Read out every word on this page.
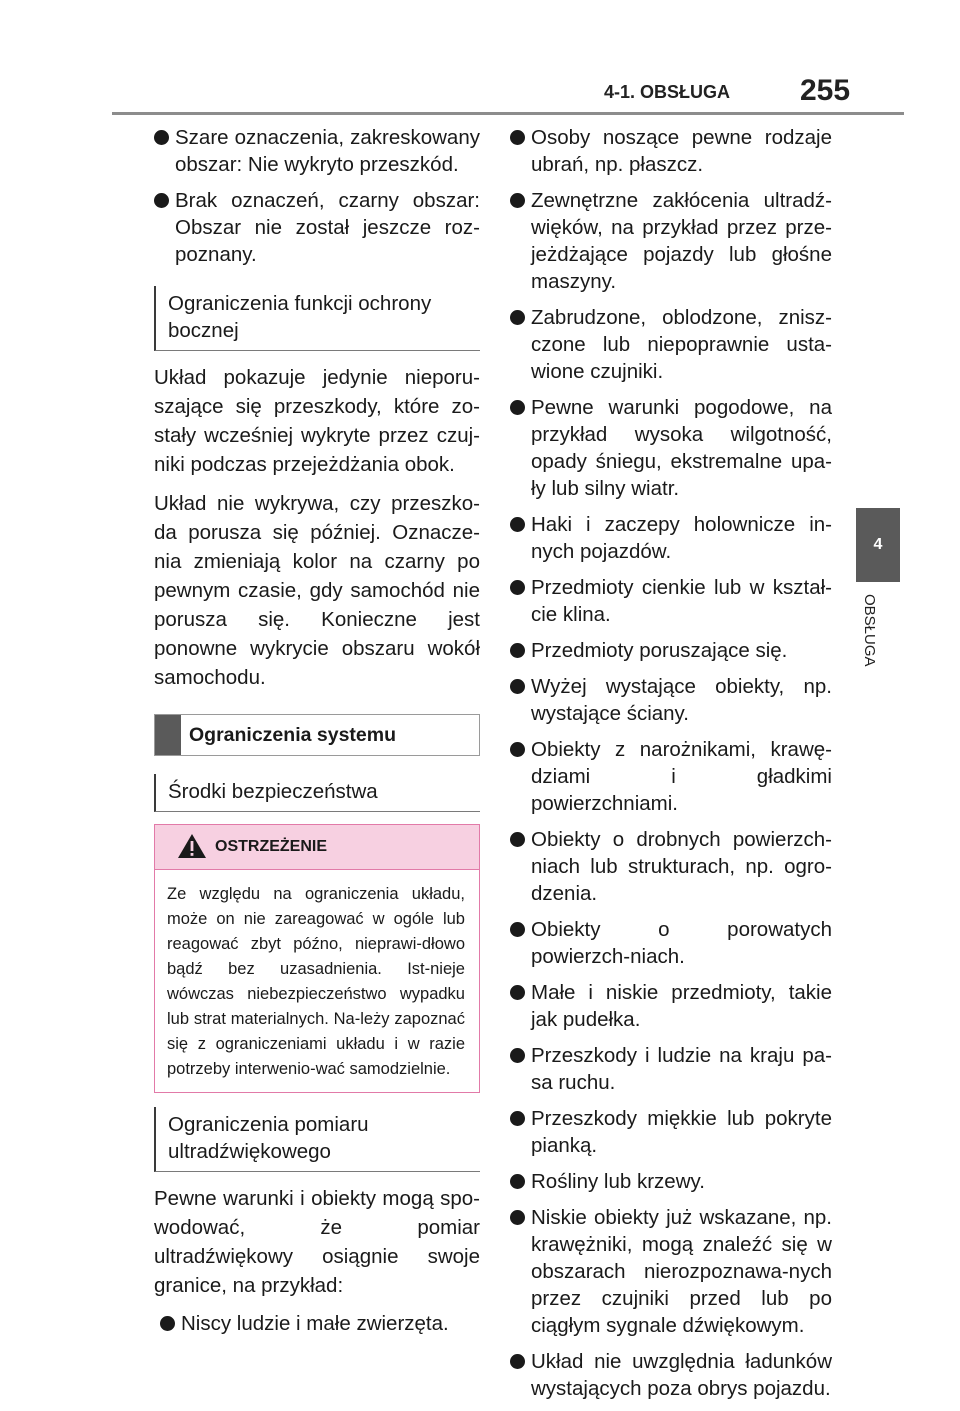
4-1. OBSŁUGA 255
4
OBSŁUGA
Szare oznaczenia, zakreskowany obszar: Nie wykryto przeszkód.
Brak oznaczeń, czarny obszar: Obszar nie został jeszcze roz-poznany.
Ograniczenia funkcji ochrony bocznej

Układ pokazuje jedynie nieporu-szające się przeszkody, które zo-stały wcześniej wykryte przez czuj-niki podczas przejeżdżania obok.

Układ nie wykrywa, czy przeszko-da porusza się później. Oznacze-nia zmieniają kolor na czarny po pewnym czasie, gdy samochód nie porusza się. Konieczne jest ponowne wykrycie obszaru wokół samochodu.

Ograniczenia systemu
Środki bezpieczeństwa
OSTRZEŻENIE
Ze względu na ograniczenia układu, może on nie zareagować w ogóle lub reagować zbyt późno, nieprawi-dłowo bądź bez uzasadnienia. Ist-nieje wówczas niebezpieczeństwo wypadku lub strat materialnych. Na-leży zapoznać się z ograniczeniami układu i w razie potrzeby interwenio-wać samodzielnie.
Ograniczenia pomiaru ultradźwiękowego

Pewne warunki i obiekty mogą spo-wodować, że pomiar ultradźwiękowy osiągnie swoje granice, na przykład:

Niscy ludzie i małe zwierzęta.
Osoby noszące pewne rodzaje ubrań, np. płaszcz.
Zewnętrzne zakłócenia ultradź-więków, na przykład przez prze-jeżdżające pojazdy lub głośne maszyny.
Zabrudzone, oblodzone, znisz-czone lub niepoprawnie usta-wione czujniki.
Pewne warunki pogodowe, na przykład wysoka wilgotność, opady śniegu, ekstremalne upa-ły lub silny wiatr.
Haki i zaczepy holownicze in-nych pojazdów.
Przedmioty cienkie lub w kształ-cie klina.
Przedmioty poruszające się.
Wyżej wystające obiekty, np. wystające ściany.
Obiekty z narożnikami, krawę-dziami i gładkimi powierzchniami.
Obiekty o drobnych powierzch-niach lub strukturach, np. ogro-dzenia.
Obiekty o porowatych powierzch-niach.
Małe i niskie przedmioty, takie jak pudełka.
Przeszkody i ludzie na kraju pa-sa ruchu.
Przeszkody miękkie lub pokryte pianką.
Rośliny lub krzewy.
Niskie obiekty już wskazane, np. krawężniki, mogą znaleźć się w obszarach nierozpoznawa-nych przez czujniki przed lub po ciągłym sygnale dźwiękowym.
Układ nie uwzględnia ładunków wystających poza obrys pojazdu.
